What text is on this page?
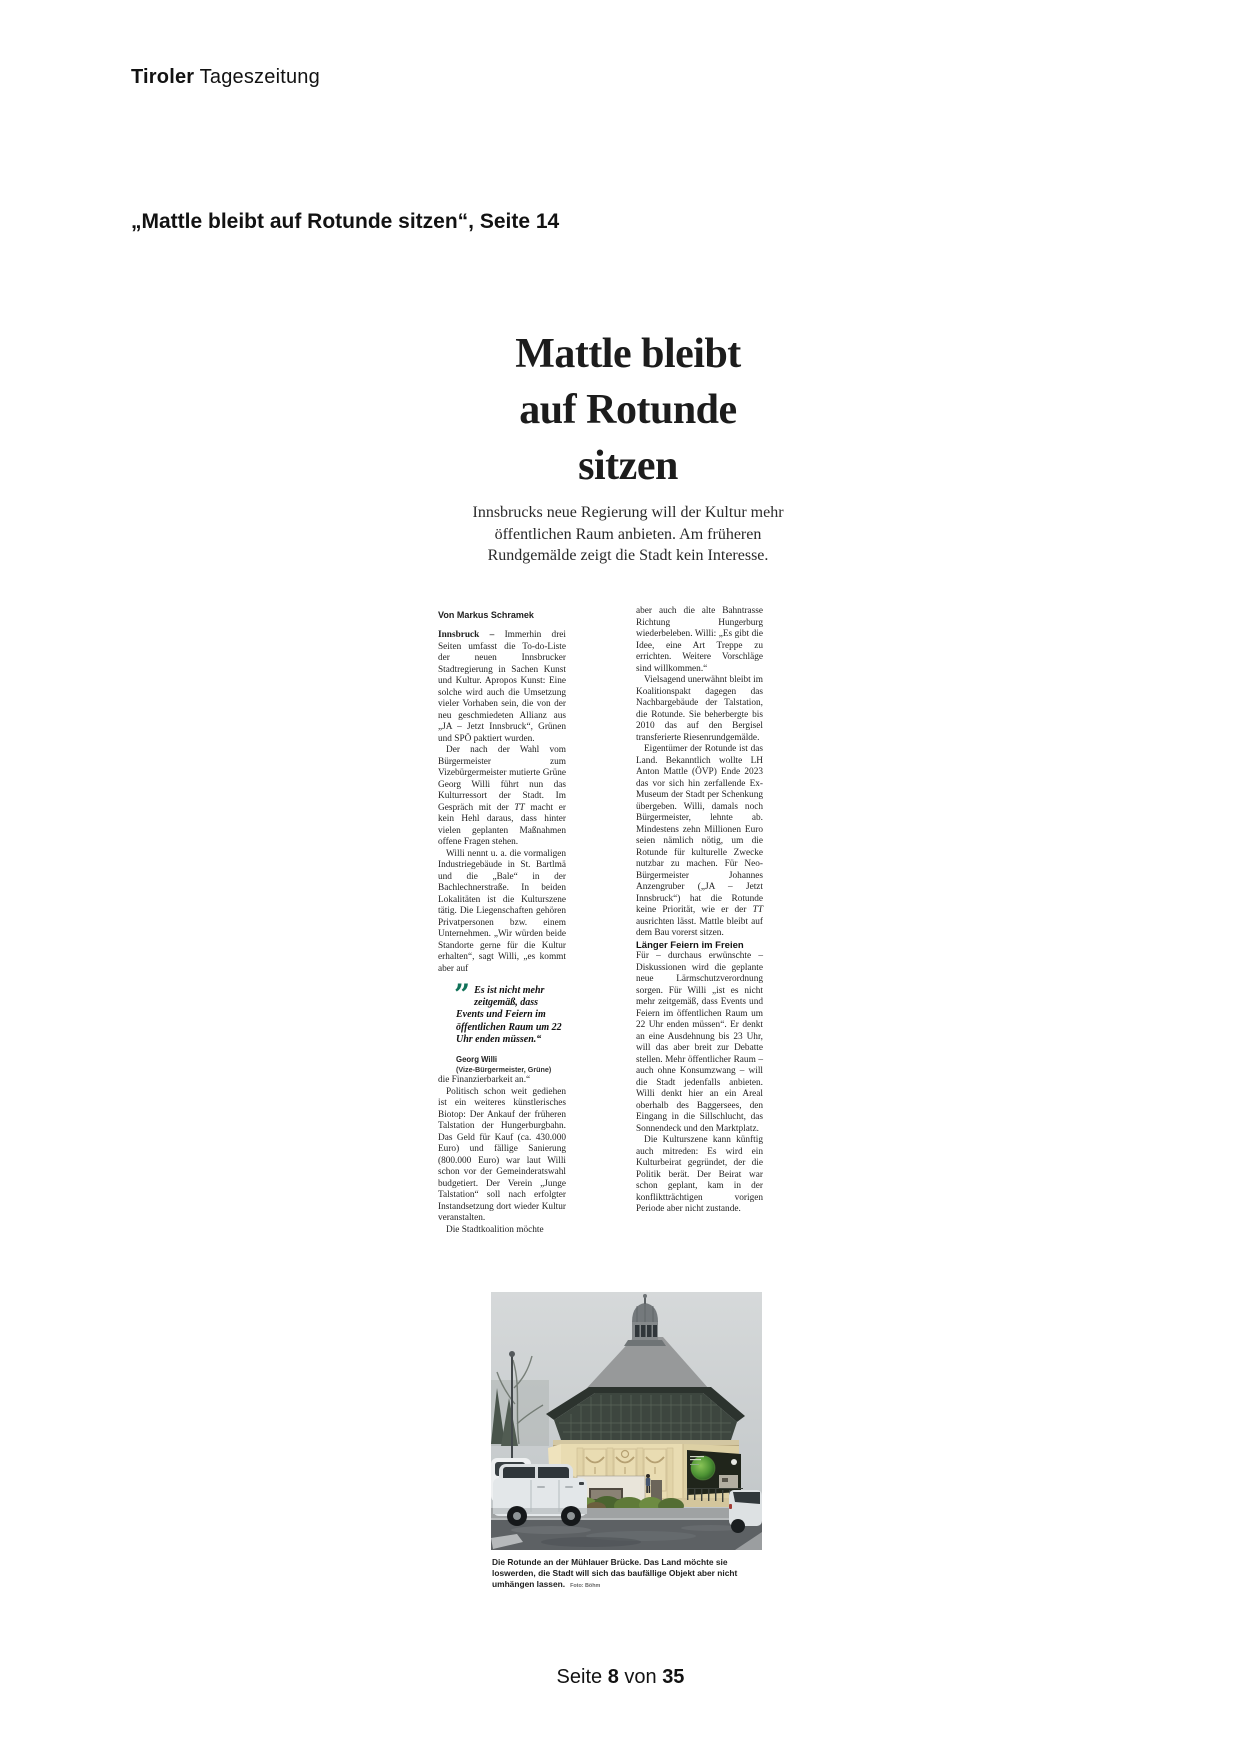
Tiroler Tageszeitung
„Mattle bleibt auf Rotunde sitzen“, Seite 14
Mattle bleibt
auf Rotunde
sitzen
Innsbrucks neue Regierung will der Kultur mehr öffentlichen Raum anbieten. Am früheren Rundgemälde zeigt die Stadt kein Interesse.
Von Markus Schramek

Innsbruck – Immerhin drei Seiten umfasst die To-do-Liste der neuen Innsbrucker Stadtregierung in Sachen Kunst und Kultur. Apropos Kunst: Eine solche wird auch die Umsetzung vieler Vorhaben sein, die von der neu geschmiedeten Allianz aus „JA – Jetzt Innsbruck“, Grünen und SPÖ paktiert wurden.

Der nach der Wahl vom Bürgermeister zum Vizebürgermeister mutierte Grüne Georg Willi führt nun das Kulturressort der Stadt. Im Gespräch mit der TT macht er kein Hehl daraus, dass hinter vielen geplanten Maßnahmen offene Fragen stehen.

Willi nennt u. a. die vormaligen Industriegebäude in St. Bartlmä und die „Bale“ in der Bachlechnerstraße. In beiden Lokalitäten ist die Kulturszene tätig. Die Liegenschaften gehören Privatpersonen bzw. einem Unternehmen. „Wir würden beide Standorte gerne für die Kultur erhalten“, sagt Willi, „es kommt aber auf

” Es ist nicht mehr zeitgemäß, dass Events und Feiern im öffentlichen Raum um 22 Uhr enden müssen.“
Georg Willi
(Vize-Bürgermeister, Grüne)

die Finanzierbarkeit an.“

Politisch schon weit gediehen ist ein weiteres künstlerisches Biotop: Der Ankauf der früheren Talstation der Hungerburgbahn. Das Geld für Kauf (ca. 430.000 Euro) und fällige Sanierung (800.000 Euro) war laut Willi schon vor der Gemeinderatswahl budgetiert. Der Verein „Junge Talstation“ soll nach erfolgter Instandsetzung dort wieder Kultur veranstalten.

Die Stadtkoalition möchte

aber auch die alte Bahntrasse Richtung Hungerburg wiederbeleben. Willi: „Es gibt die Idee, eine Art Treppe zu errichten. Weitere Vorschläge sind willkommen.“

Vielsagend unerwähnt bleibt im Koalitionspakt dagegen das Nachbargebäude der Talstation, die Rotunde. Sie beherbergte bis 2010 das auf den Bergisel transferierte Riesenrundgemälde.

Eigentümer der Rotunde ist das Land. Bekanntlich wollte LH Anton Mattle (ÖVP) Ende 2023 das vor sich hin zerfallende Ex-Museum der Stadt per Schenkung übergeben. Willi, damals noch Bürgermeister, lehnte ab. Mindestens zehn Millionen Euro seien nämlich nötig, um die Rotunde für kulturelle Zwecke nutzbar zu machen. Für Neo-Bürgermeister Johannes Anzengruber („JA – Jetzt Innsbruck“) hat die Rotunde keine Priorität, wie er der TT ausrichten lässt. Mattle bleibt auf dem Bau vorerst sitzen.

Länger Feiern im Freien

Für – durchaus erwünschte – Diskussionen wird die geplante neue Lärmschutzverordnung sorgen. Für Willi „ist es nicht mehr zeitgemäß, dass Events und Feiern im öffentlichen Raum um 22 Uhr enden müssen“. Er denkt an eine Ausdehnung bis 23 Uhr, will das aber breit zur Debatte stellen. Mehr öffentlicher Raum – auch ohne Konsumzwang – will die Stadt jedenfalls anbieten. Willi denkt hier an ein Areal oberhalb des Baggersees, den Eingang in die Sillschlucht, das Sonnendeck und den Marktplatz.

Die Kulturszene kann künftig auch mitreden: Es wird ein Kulturbeirat gegründet, der die Politik berät. Der Beirat war schon geplant, kam in der konfliktträchtigen vorigen Periode aber nicht zustande.

Die Rotunde an der Mühlauer Brücke. Das Land möchte sie loswerden, die Stadt will sich das baufällige Objekt aber nicht umhängen lassen. Foto: Böhm
Seite 8 von 35
